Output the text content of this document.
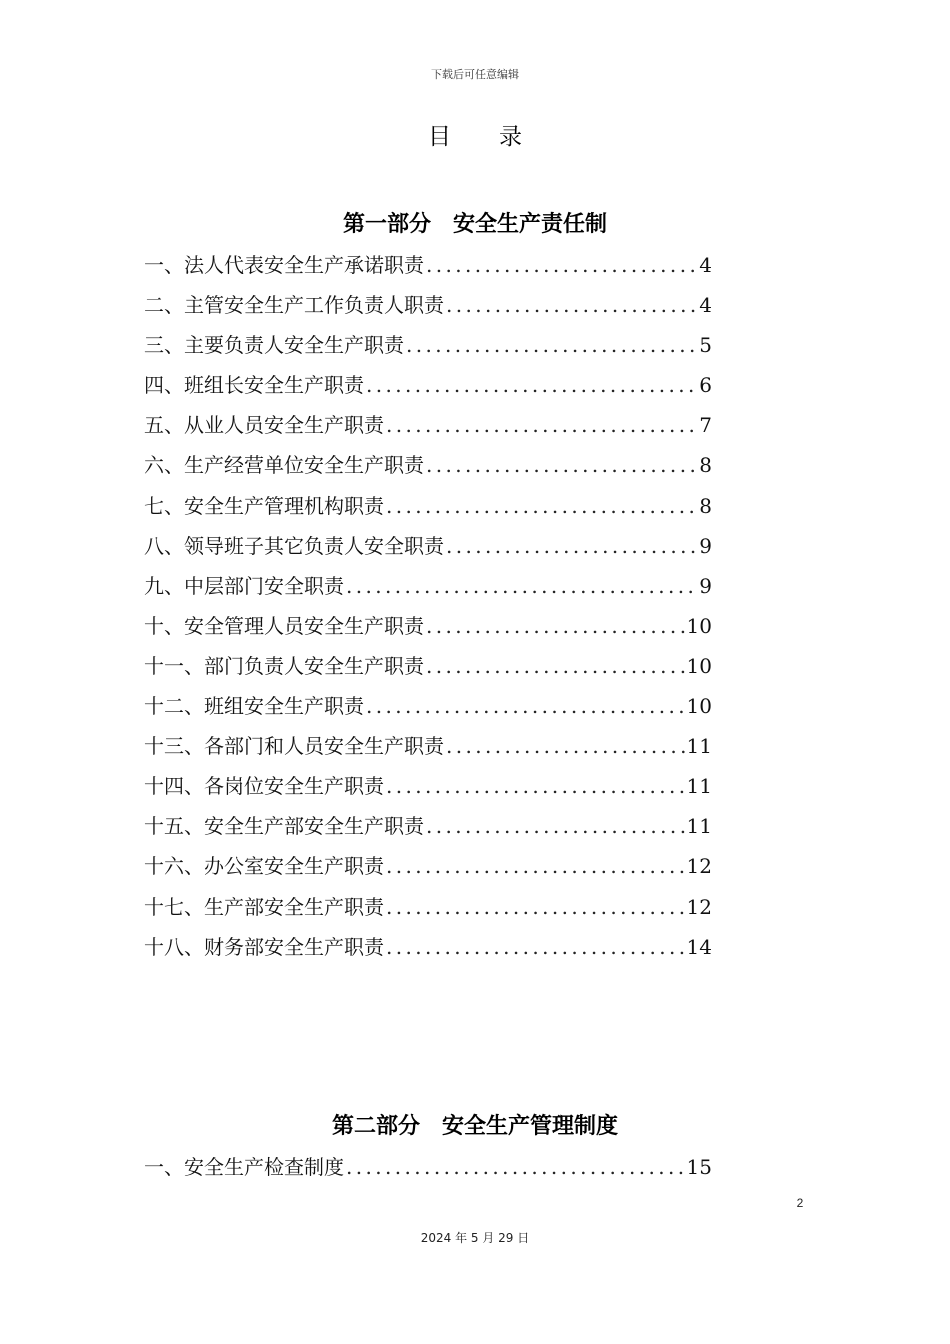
下载后可任意编辑
目录
第一部分　安全生产责任制
一、法人代表安全生产承诺职责 .....	4
二、主管安全生产工作负责人职责 .....	4
三、主要负责人安全生产职责 .....	5
四、班组长安全生产职责 .....	6
五、从业人员安全生产职责 .....	7
六、生产经营单位安全生产职责 .....	8
七、安全生产管理机构职责 .....	8
八、领导班子其它负责人安全职责 .....	9
九、中层部门安全职责 .....	9
十、安全管理人员安全生产职责 .....	10
十一、部门负责人安全生产职责 .....	10
十二、班组安全生产职责 .....	10
十三、各部门和人员安全生产职责 .....	11
十四、各岗位安全生产职责 .....	11
十五、安全生产部安全生产职责 .....	11
十六、办公室安全生产职责 .....	12
十七、生产部安全生产职责 .....	12
十八、财务部安全生产职责 .....	14
第二部分　安全生产管理制度
一、安全生产检查制度 .....	15
2
2024 年 5 月 29 日
